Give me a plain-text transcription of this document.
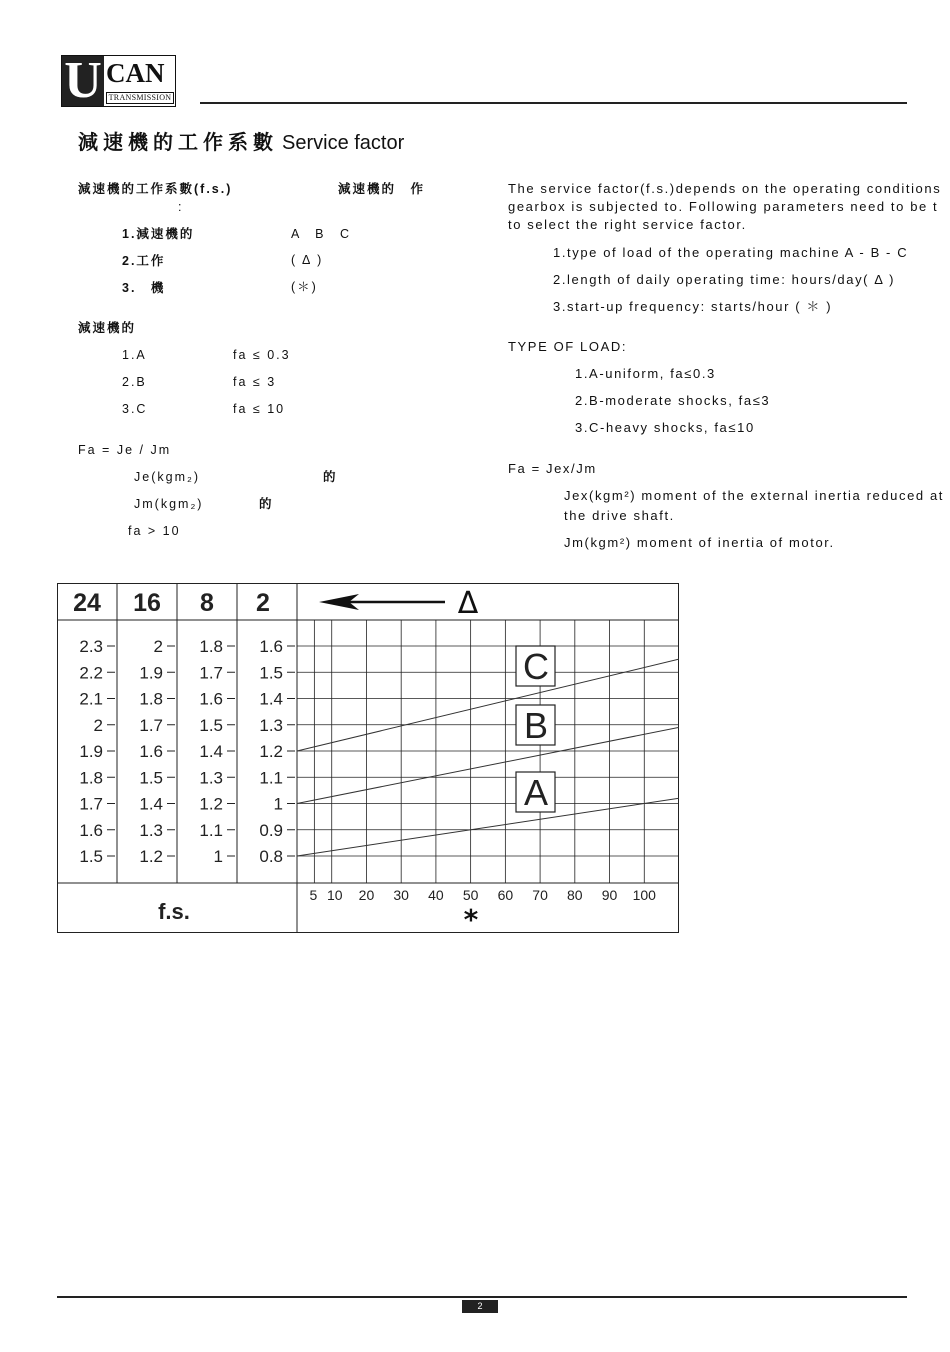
U CAN
TRANSMISSION
減速機的工作系數 Service factor
減速機的工作系數(f.s.)	減速機的　作
:
1.減速機的	A　B　C
2.工作	( Δ )
3.　機	(＊)
減速機的
1.A	fa ≤ 0.3
2.B	fa ≤ 3
3.C	fa ≤ 10
Fa = Je / Jm
Je(kgm₂)	的
Jm(kgm₂)	的
fa > 10
The service factor(f.s.)depends on the operating conditions
gearbox is subjected to. Following parameters need to be t
to select the right service factor.
1.type of load of the operating machine A - B - C
2.length of daily operating time: hours/day( Δ )
3.start-up frequency: starts/hour ( ＊ )
TYPE OF LOAD:
1.A-uniform, fa≤0.3
2.B-moderate shocks, fa≤3
3.C-heavy shocks, fa≤10
Fa = Jex/Jm
Jex(kgm²) moment of the external inertia reduced at
the drive shaft.
Jm(kgm²) moment of inertia of motor.
A
B
C
24 16 8 2
2.3
2.2
2.1
2
1.9
1.8
1.7
1.6
1.5
2
1.9
1.8
1.7
1.6
1.5
1.4
1.3
1.2
1.8
1.7
1.6
1.5
1.4
1.3
1.2
1.1
1
1.6
1.5
1.4
1.3
1.2
1.1
1
0.9
0.8
5 10 20 30 40 50 60 70 80 90 100
Δ
f.s.	*
2
